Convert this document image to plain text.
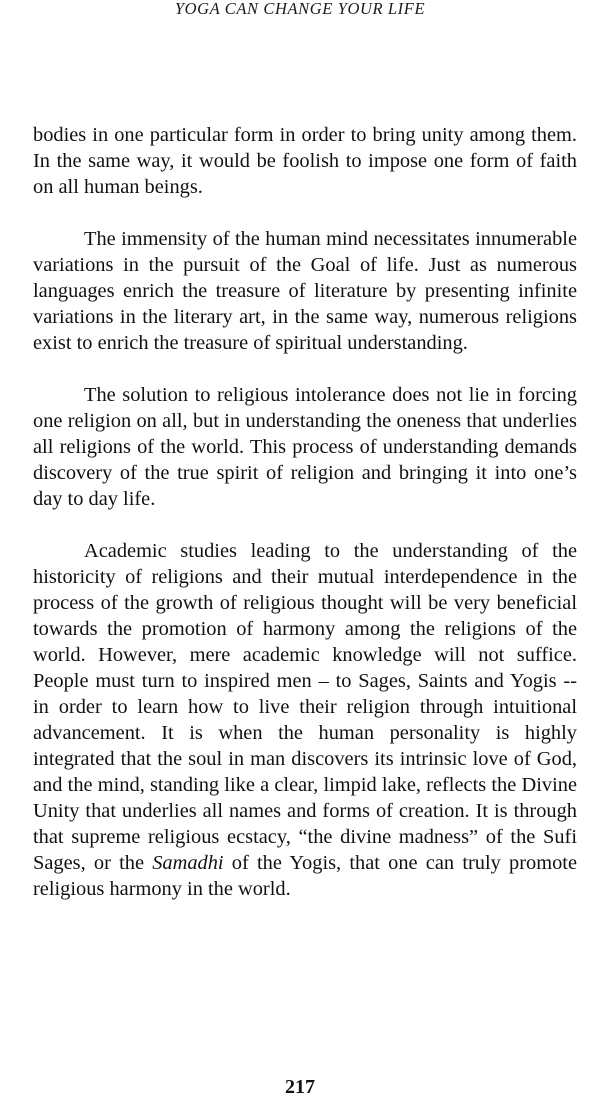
YOGA CAN CHANGE YOUR LIFE

bodies in one particular form in order to bring unity among them. In the same way, it would be foolish to impose one form of faith on all human beings.

The immensity of the human mind necessitates innumerable variations in the pursuit of the Goal of life. Just as numerous languages enrich the treasure of literature by presenting infinite variations in the literary art, in the same way, numerous religions exist to enrich the treasure of spiritual understanding.

The solution to religious intolerance does not lie in forcing one religion on all, but in understanding the oneness that underlies all religions of the world. This process of understanding demands discovery of the true spirit of religion and bringing it into one’s day to day life.

Academic studies leading to the understanding of the historicity of religions and their mutual interdependence in the process of the growth of religious thought will be very beneficial towards the promotion of harmony among the religions of the world. However, mere academic knowledge will not suffice. People must turn to inspired men – to Sages, Saints and Yogis -- in order to learn how to live their religion through intuitional advancement. It is when the human personality is highly integrated that the soul in man discovers its intrinsic love of God, and the mind, standing like a clear, limpid lake, reflects the Divine Unity that underlies all names and forms of creation. It is through that supreme religious ecstacy, “the divine madness” of the Sufi Sages, or the Samadhi of the Yogis, that one can truly promote religious harmony in the world.

217
